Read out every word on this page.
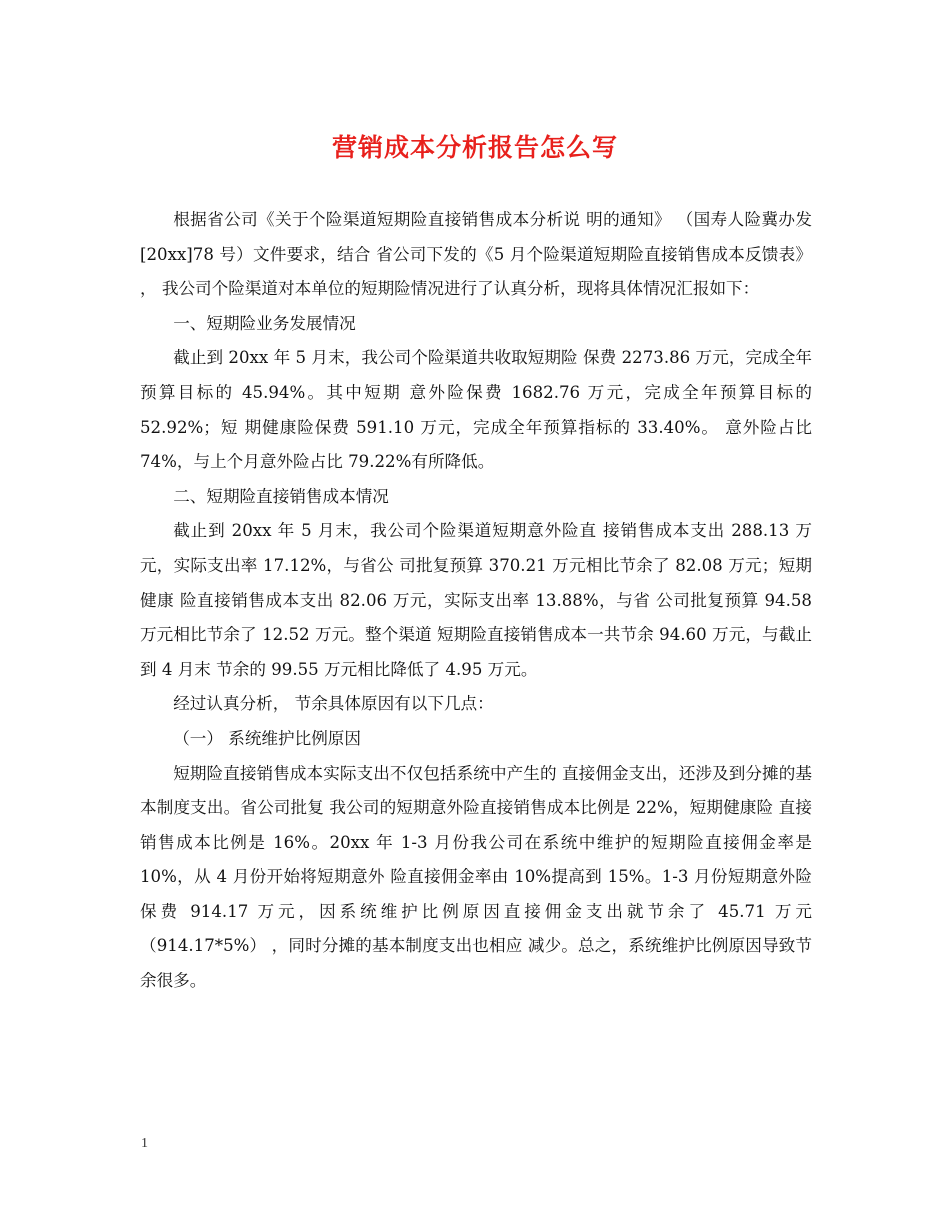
营销成本分析报告怎么写

根据省公司《关于个险渠道短期险直接销售成本分析说 明的通知》 （国寿人险冀办发[20xx]78 号）文件要求，结合 省公司下发的《5 月个险渠道短期险直接销售成本反馈表》 ， 我公司个险渠道对本单位的短期险情况进行了认真分析，现将具体情况汇报如下：

一、短期险业务发展情况

截止到 20xx 年 5 月末，我公司个险渠道共收取短期险 保费 2273.86 万元，完成全年预算目标的 45.94%。其中短期 意外险保费 1682.76 万元，完成全年预算目标的 52.92%；短 期健康险保费 591.10 万元，完成全年预算指标的 33.40%。 意外险占比 74%，与上个月意外险占比 79.22%有所降低。

二、短期险直接销售成本情况

截止到 20xx 年 5 月末，我公司个险渠道短期意外险直 接销售成本支出 288.13 万元，实际支出率 17.12%，与省公 司批复预算 370.21 万元相比节余了 82.08 万元；短期健康 险直接销售成本支出 82.06 万元，实际支出率 13.88%，与省 公司批复预算 94.58 万元相比节余了 12.52 万元。整个渠道 短期险直接销售成本一共节余 94.60 万元，与截止到 4 月末 节余的 99.55 万元相比降低了 4.95 万元。

经过认真分析， 节余具体原因有以下几点：

（一） 系统维护比例原因

短期险直接销售成本实际支出不仅包括系统中产生的 直接佣金支出，还涉及到分摊的基本制度支出。省公司批复 我公司的短期意外险直接销售成本比例是 22%，短期健康险 直接销售成本比例是 16%。20xx 年 1-3 月份我公司在系统中维护的短期险直接佣金率是 10%，从 4 月份开始将短期意外 险直接佣金率由 10%提高到 15%。1-3 月份短期意外险保费 914.17 万元，因系统维护比例原因直接佣金支出就节余了 45.71 万元（914.17*5%） ，同时分摊的基本制度支出也相应 减少。总之，系统维护比例原因导致节余很多。

1
